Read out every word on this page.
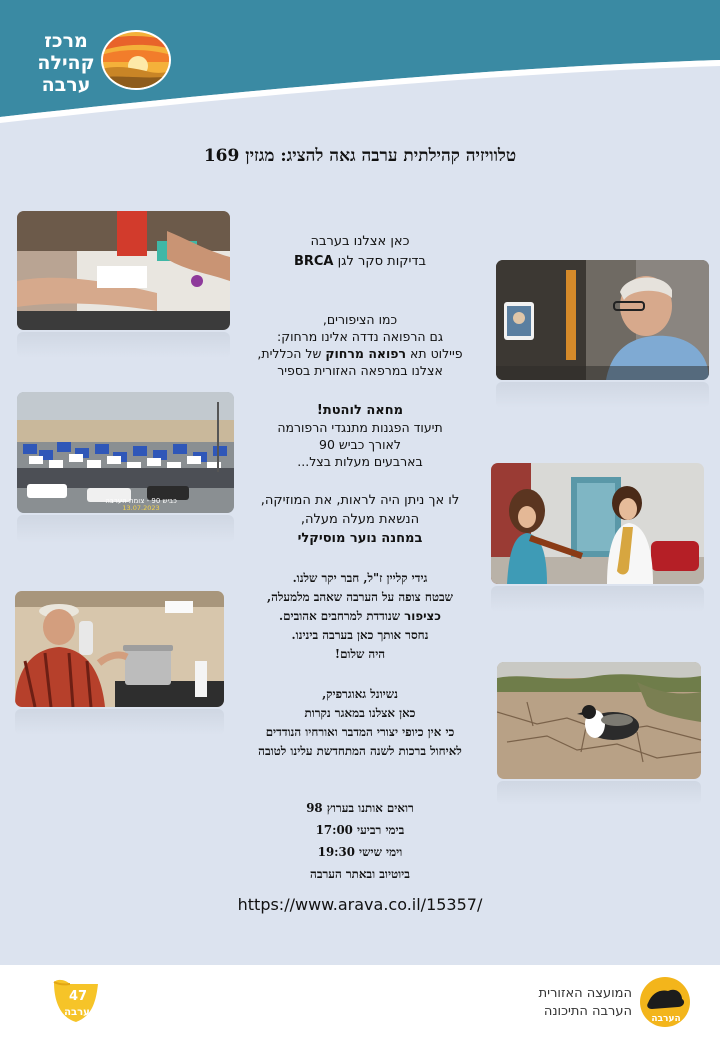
מרכז
קהילה
ערבה
טלוויזיה קהילתית ערבה גאה להציג: מגזין 169
כביש 90 - צומת הערבה
13.07.2023
כאן אצלנו בערבה
בדיקות סקר לגן BRCA
כמו הציפורים,
גם הרפואה נדדה אלינו מרחוק:
פיילוט תא רפואה מרחוק של הכללית,
אצלנו במרפאה האזורית בספיר
מחאה לוהטת!
תיעוד הפגנות מתנגדי הרפורמה
לאורך כביש 90
בארבעים מעלות בצל...
לו אך ניתן היה לראות, את המוזיקה,
הנשאת מעלה מעלה,
במחנה נוער מוסיקלי
גידי קליין ז"ל, חבר יקר שלנו.
שבטח צופה על הערבה שאהב מלמעלה,
כציפור שנודדת למרחבים אהובים.
נחסר אותך כאן בערבה בינינו.
היה שלום!
נשיונל גאוגרפיק,
כאן אצלנו במאגר נקרות
כי אין כיופי יצורי המדבר ואורחיו הנודדים
לאיחול ברכות לשנה המתחדשת עלינו לטובה
רואים אותנו בערוץ 98
בימי רביעי 17:00
וימי שישי 19:30
ביוטיוב ובאתר הערבה
https://www.arava.co.il/15357/
47
ערבה
המועצה האזורית
הערבה התיכונה הערבה
